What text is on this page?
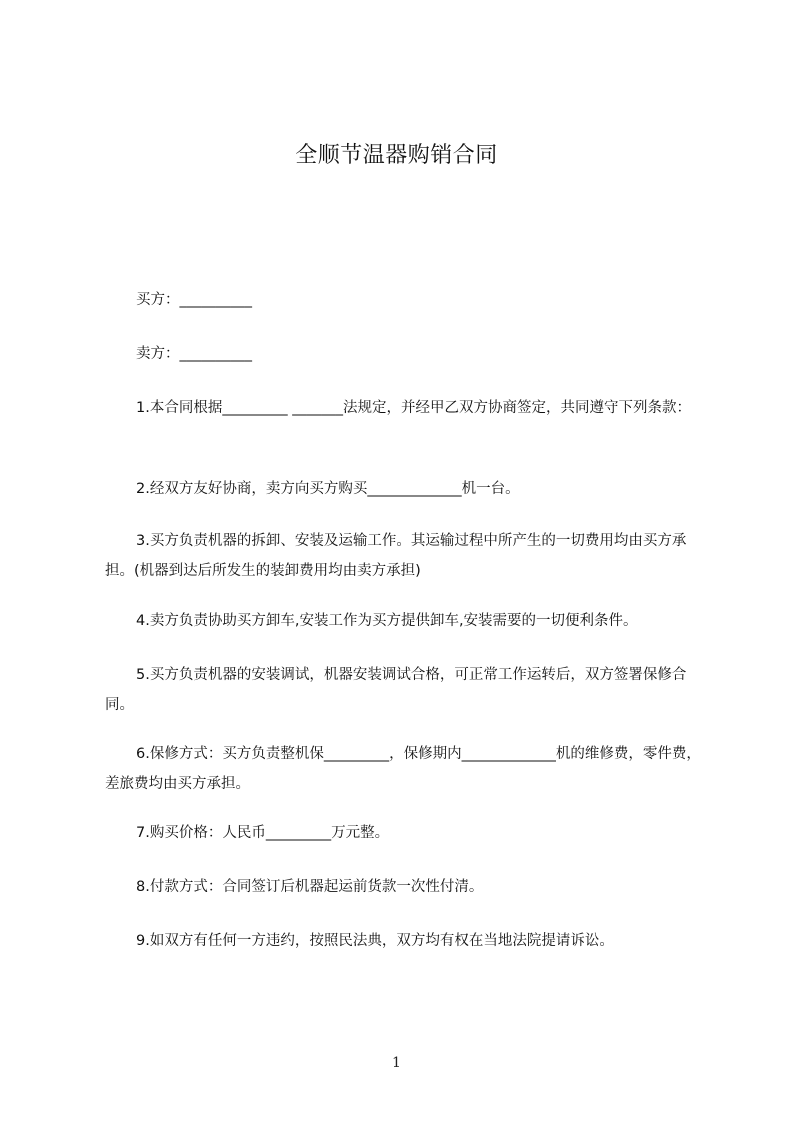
全顺节温器购销合同

买方：__________

卖方：__________

1.本合同根据_________ _______法规定，并经甲乙双方协商签定，共同遵守下列条款：

2.经双方友好协商，卖方向买方购买_____________机一台。

3.买方负责机器的拆卸、安装及运输工作。其运输过程中所产生的一切费用均由买方承担。(机器到达后所发生的装卸费用均由卖方承担)

4.卖方负责协助买方卸车,安装工作为买方提供卸车,安装需要的一切便利条件。

5.买方负责机器的安装调试，机器安装调试合格，可正常工作运转后，双方签署保修合同。

6.保修方式：买方负责整机保_________，保修期内_____________机的维修费，零件费，差旅费均由买方承担。

7.购买价格：人民币_________万元整。

8.付款方式：合同签订后机器起运前货款一次性付清。

9.如双方有任何一方违约，按照民法典，双方均有权在当地法院提请诉讼。

1
